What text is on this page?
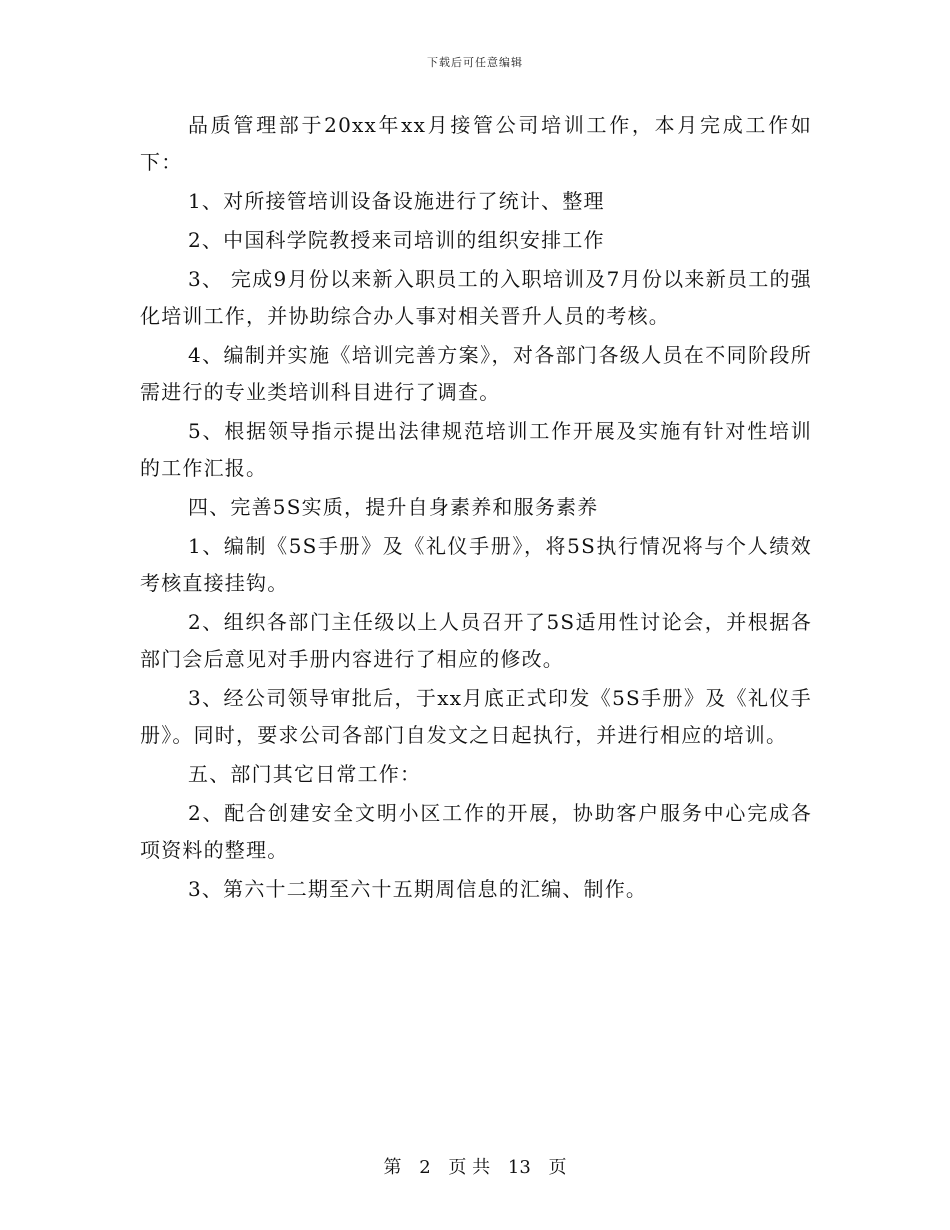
下载后可任意编辑

品质管理部于20xx年xx月接管公司培训工作，本月完成工作如下：

1、对所接管培训设备设施进行了统计、整理

2、中国科学院教授来司培训的组织安排工作

3、 完成9月份以来新入职员工的入职培训及7月份以来新员工的强化培训工作，并协助综合办人事对相关晋升人员的考核。

4、编制并实施《培训完善方案》，对各部门各级人员在不同阶段所需进行的专业类培训科目进行了调查。

5、根据领导指示提出法律规范培训工作开展及实施有针对性培训的工作汇报。

四、完善5S实质，提升自身素养和服务素养

1、编制《5S手册》及《礼仪手册》，将5S执行情况将与个人绩效考核直接挂钩。

2、组织各部门主任级以上人员召开了5S适用性讨论会，并根据各部门会后意见对手册内容进行了相应的修改。

3、经公司领导审批后，于xx月底正式印发《5S手册》及《礼仪手册》。同时，要求公司各部门自发文之日起执行，并进行相应的培训。

五、部门其它日常工作：

2、配合创建安全文明小区工作的开展，协助客户服务中心完成各项资料的整理。

3、第六十二期至六十五期周信息的汇编、制作。

第 2 页 共 13 页
